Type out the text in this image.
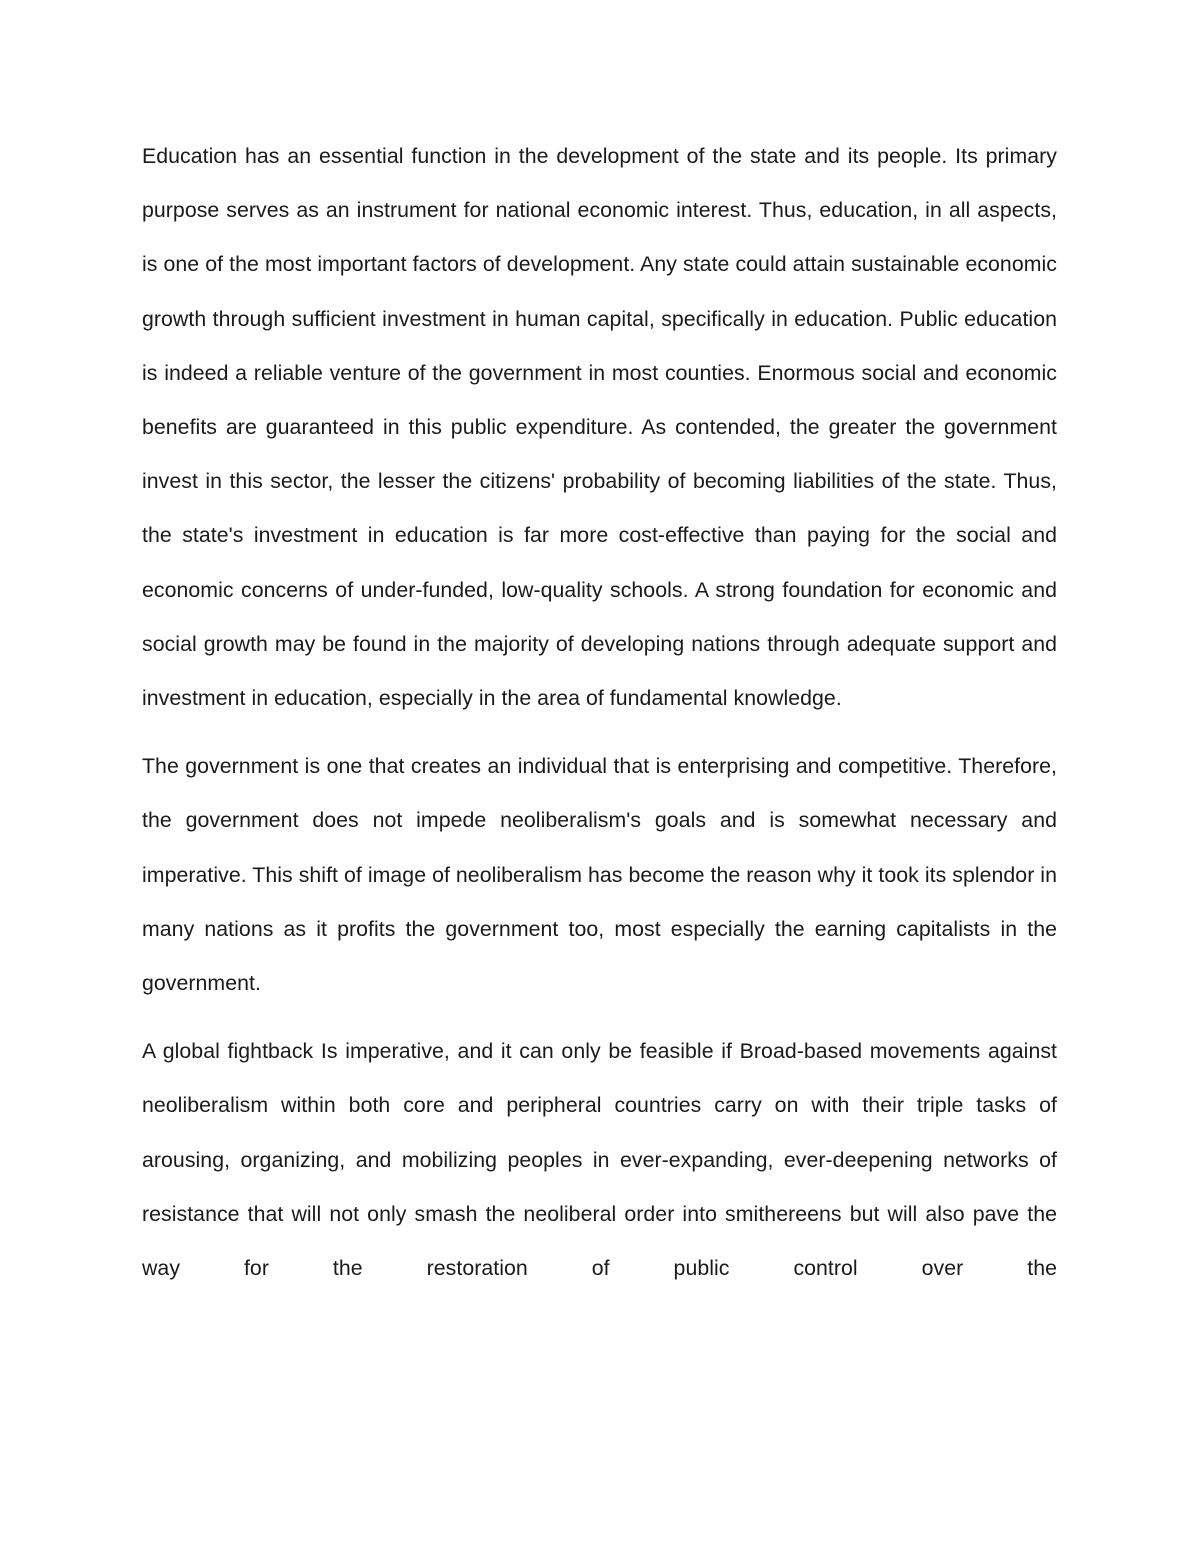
Education has an essential function in the development of the state and its people. Its primary purpose serves as an instrument for national economic interest. Thus, education, in all aspects, is one of the most important factors of development. Any state could attain sustainable economic growth through sufficient investment in human capital, specifically in education. Public education is indeed a reliable venture of the government in most counties. Enormous social and economic benefits are guaranteed in this public expenditure. As contended, the greater the government invest in this sector, the lesser the citizens' probability of becoming liabilities of the state. Thus, the state's investment in education is far more cost-effective than paying for the social and economic concerns of under-funded, low-quality schools. A strong foundation for economic and social growth may be found in the majority of developing nations through adequate support and investment in education, especially in the area of fundamental knowledge.

The government is one that creates an individual that is enterprising and competitive. Therefore, the government does not impede neoliberalism's goals and is somewhat necessary and imperative. This shift of image of neoliberalism has become the reason why it took its splendor in many nations as it profits the government too, most especially the earning capitalists in the government.

A global fightback Is imperative, and it can only be feasible if Broad-based movements against neoliberalism within both core and peripheral countries carry on with their triple tasks of arousing, organizing, and mobilizing peoples in ever-expanding, ever-deepening networks of resistance that will not only smash the neoliberal order into smithereens but will also pave the way for the restoration of public control over the
